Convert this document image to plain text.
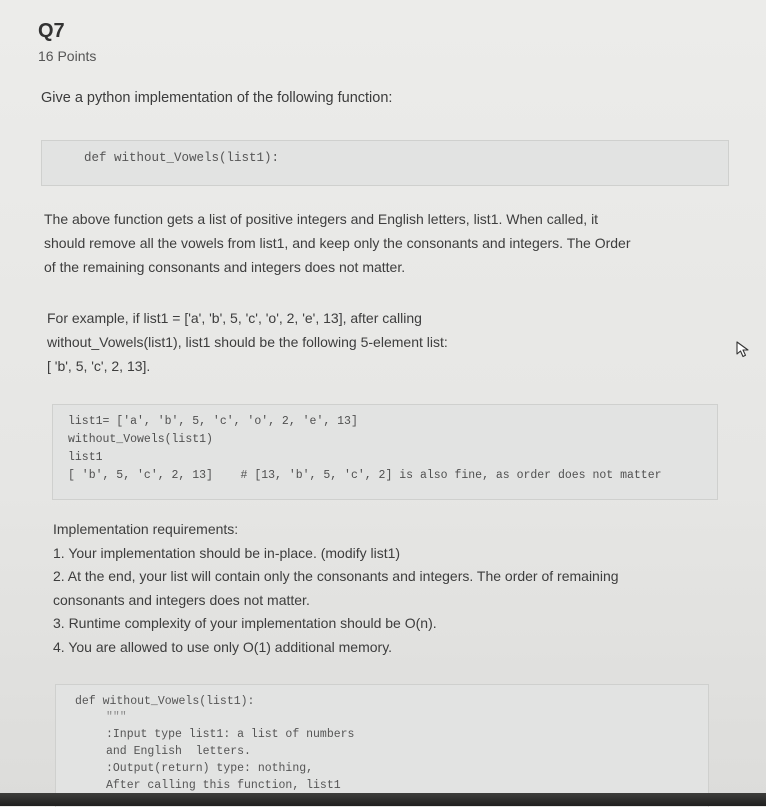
Q7
16 Points
Give a python implementation of the following function:
def without_Vowels(list1):
The above function gets a list of positive integers and English letters, list1. When called, it
should remove all the vowels from list1, and keep only the consonants and integers. The Order
of the remaining consonants and integers does not matter.
For example, if list1 = ['a', 'b', 5, 'c', 'o', 2, 'e', 13], after calling
without_Vowels(list1), list1 should be the following 5-element list:
[ 'b', 5, 'c', 2, 13].
list1= ['a', 'b', 5, 'c', 'o', 2, 'e', 13]
without_Vowels(list1)
list1
[ 'b', 5, 'c', 2, 13]    # [13, 'b', 5, 'c', 2] is also fine, as order does not matter
Implementation requirements:
1. Your implementation should be in-place. (modify list1)
2. At the end, your list will contain only the consonants and integers. The order of remaining
consonants and integers does not matter.
3. Runtime complexity of your implementation should be O(n).
4. You are allowed to use only O(1) additional memory.
def without_Vowels(list1):
"""
:Input type list1: a list of numbers
and English  letters.
:Output(return) type: nothing,
After calling this function, list1
